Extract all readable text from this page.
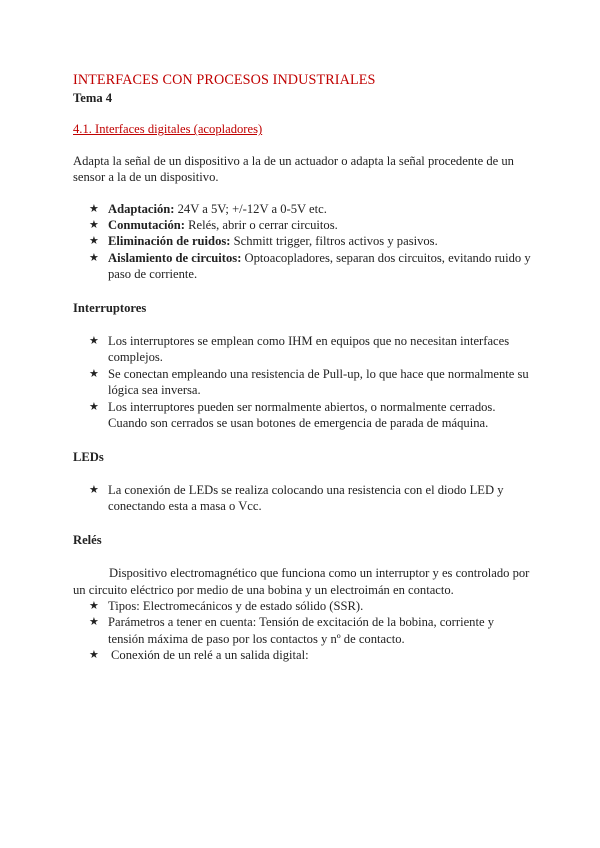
INTERFACES CON PROCESOS INDUSTRIALES
Tema 4
4.1. Interfaces digitales (acopladores)

Adapta la señal de un dispositivo a la de un actuador o adapta la señal procedente de un sensor a la de un dispositivo.

★ Adaptación: 24V a 5V; +/-12V a 0-5V etc.
★ Conmutación: Relés, abrir o cerrar circuitos.
★ Eliminación de ruidos: Schmitt trigger, filtros activos y pasivos.
★ Aislamiento de circuitos: Optoacopladores, separan dos circuitos, evitando ruido y paso de corriente.
Interruptores
★ Los interruptores se emplean como IHM en equipos que no necesitan interfaces complejos.
★ Se conectan empleando una resistencia de Pull-up, lo que hace que normalmente su lógica sea inversa.
★ Los interruptores pueden ser normalmente abiertos, o normalmente cerrados. Cuando son cerrados se usan botones de emergencia de parada de máquina.
LEDs
★ La conexión de LEDs se realiza colocando una resistencia con el diodo LED y conectando esta a masa o Vcc.
Relés

Dispositivo electromagnético que funciona como un interruptor y es controlado por un circuito eléctrico por medio de una bobina y un electroimán en contacto.

★ Tipos: Electromecánicos y de estado sólido (SSR).
★ Parámetros a tener en cuenta: Tensión de excitación de la bobina, corriente y tensión máxima de paso por los contactos y nº de contacto.
★ Conexión de un relé a un salida digital:
